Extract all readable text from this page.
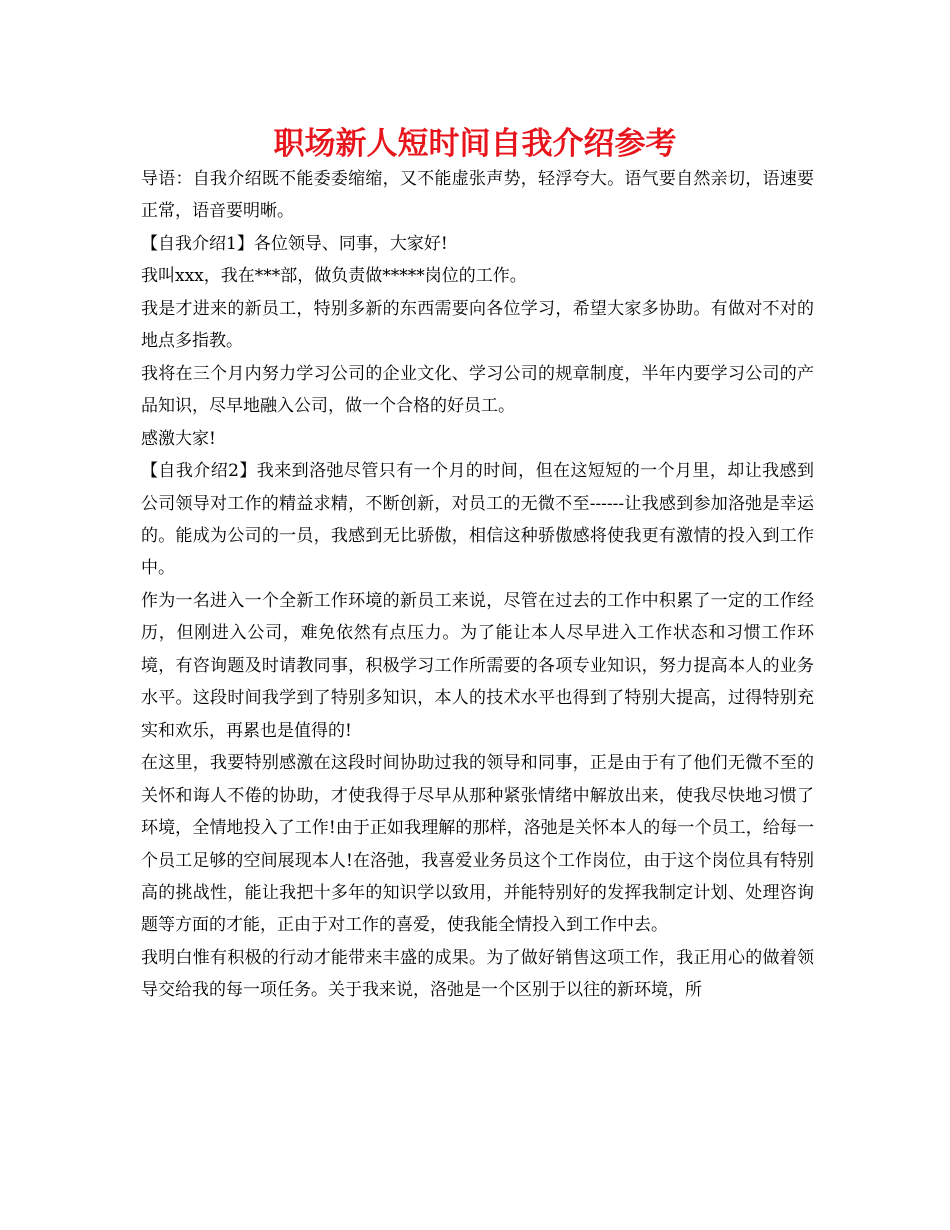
职场新人短时间自我介绍参考

导语：自我介绍既不能委委缩缩，又不能虚张声势，轻浮夸大。语气要自然亲切，语速要正常，语音要明晰。

【自我介绍1】各位领导、同事，大家好!

我叫xxx，我在***部，做负责做*****岗位的工作。

我是才进来的新员工，特别多新的东西需要向各位学习，希望大家多协助。有做对不对的地点多指教。

我将在三个月内努力学习公司的企业文化、学习公司的规章制度，半年内要学习公司的产品知识，尽早地融入公司，做一个合格的好员工。

感激大家!

【自我介绍2】我来到洛弛尽管只有一个月的时间，但在这短短的一个月里，却让我感到公司领导对工作的精益求精，不断创新，对员工的无微不至------让我感到参加洛弛是幸运的。能成为公司的一员，我感到无比骄傲，相信这种骄傲感将使我更有激情的投入到工作中。

作为一名进入一个全新工作环境的新员工来说，尽管在过去的工作中积累了一定的工作经历，但刚进入公司，难免依然有点压力。为了能让本人尽早进入工作状态和习惯工作环境，有咨询题及时请教同事，积极学习工作所需要的各项专业知识，努力提高本人的业务水平。这段时间我学到了特别多知识，本人的技术水平也得到了特别大提高，过得特别充实和欢乐，再累也是值得的!

在这里，我要特别感激在这段时间协助过我的领导和同事，正是由于有了他们无微不至的关怀和诲人不倦的协助，才使我得于尽早从那种紧张情绪中解放出来，使我尽快地习惯了环境，全情地投入了工作!由于正如我理解的那样，洛弛是关怀本人的每一个员工，给每一个员工足够的空间展现本人!在洛弛，我喜爱业务员这个工作岗位，由于这个岗位具有特别高的挑战性，能让我把十多年的知识学以致用，并能特别好的发挥我制定计划、处理咨询题等方面的才能，正由于对工作的喜爱，使我能全情投入到工作中去。

我明白惟有积极的行动才能带来丰盛的成果。为了做好销售这项工作，我正用心的做着领导交给我的每一项任务。关于我来说，洛弛是一个区别于以往的新环境，所
